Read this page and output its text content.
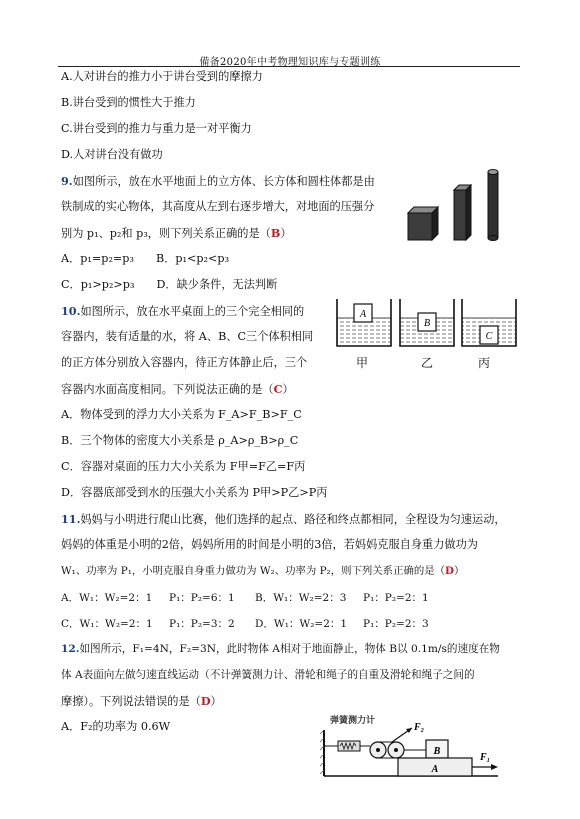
備备2020年中考物理知识库与专题训练
A.人对讲台的推力小于讲台受到的摩擦力
B.讲台受到的惯性大于推力
C.讲台受到的推力与重力是一对平衡力
D.人对讲台没有做功
9.如图所示，放在水平地面上的立方体、长方体和圆柱体都是由
铁制成的实心物体，其高度从左到右逐步增大，对地面的压强分
别为 p₁、p₂和 p₃，则下列关系正确的是（B）
A．p₁=p₂=p₃ B．p₁<p₂<p₃
C．p₁>p₂>p₃ D．缺少条件，无法判断
10.如图所示，放在水平桌面上的三个完全相同的
容器内，装有适量的水，将 A、B、C三个体积相同
的正方体分别放入容器内，待正方体静止后，三个
容器内水面高度相同。下列说法正确的是（C）
A．物体受到的浮力大小关系为 F_A>F_B>F_C
B．三个物体的密度大小关系是 ρ_A>ρ_B>ρ_C
C．容器对桌面的压力大小关系为 F甲=F乙=F丙
D．容器底部受到水的压强大小关系为 P甲>P乙>P丙
A
B
C
甲	乙	丙
11.妈妈与小明进行爬山比赛，他们选择的起点、路径和终点都相同，全程设为匀速运动，
妈妈的体重是小明的2倍，妈妈所用的时间是小明的3倍，若妈妈克服自身重力做功为
W₁、功率为 P₁，小明克服自身重力做功为 W₂、功率为 P₂，则下列关系正确的是（D）
A．W₁：W₂=2：1 P₁：P₂=6：1 B．W₁：W₂=2：3 P₁：P₂=2：1
C．W₁：W₂=2：1 P₁：P₂=3：2 D．W₁：W₂=2：1 P₁：P₂=2：3
12.如图所示，F₁=4N，F₂=3N，此时物体 A相对于地面静止，物体 B以 0.1m/s的速度在物
体 A表面向左做匀速直线运动（不计弹簧测力计、滑轮和绳子的自重及滑轮和绳子之间的
摩擦）。下列说法错误的是（D）
A．F₂的功率为 0.6W	弹簧测力计
F₂
B
A
F₁
